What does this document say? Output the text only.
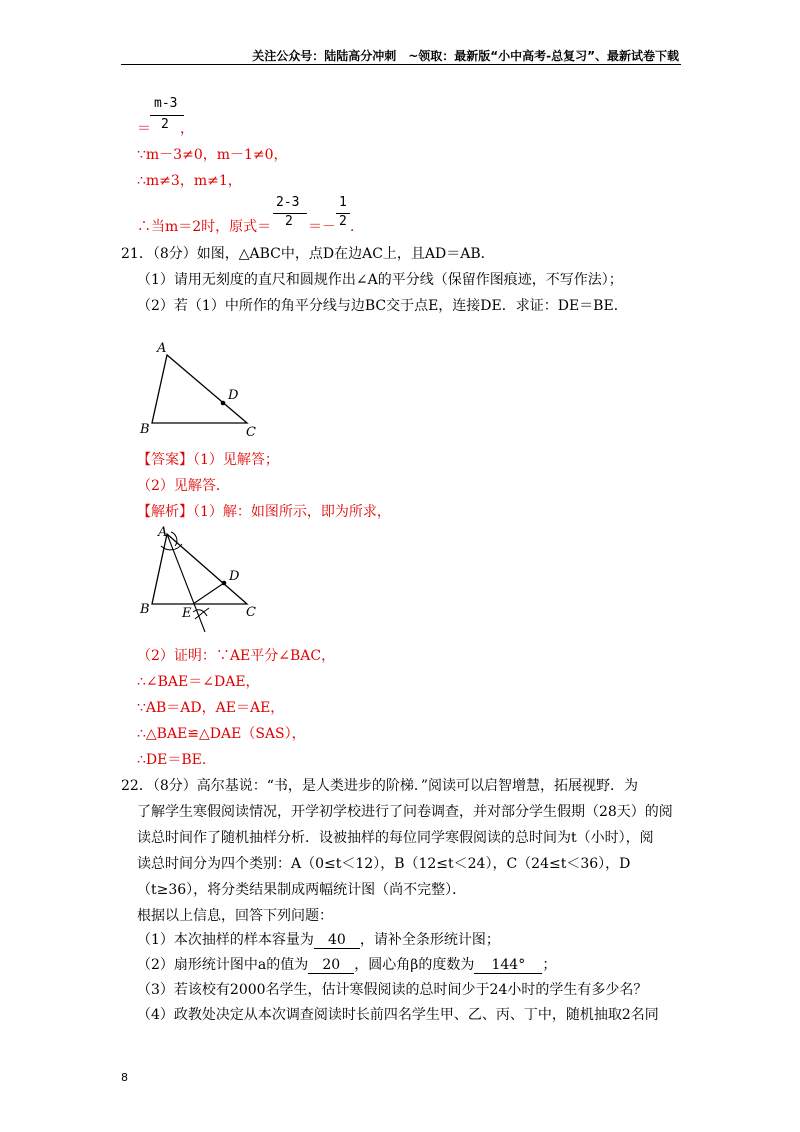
关注公众号：陆陆高分冲刺　~领取：最新版“小中高考-总复习”、最新试卷下载
m-3
＝ 2 ，
∵m－3≠0，m－1≠0，
∴m≠3，m≠1，
∴当m＝2时，原式＝
2-3
2 ＝－
1
2 ．
21．（8分）如图，△ABC中，点D在边AC上，且AD＝AB．
（1）请用无刻度的直尺和圆规作出∠A的平分线（保留作图痕迹，不写作法）；
（2）若（1）中所作的角平分线与边BC交于点E，连接DE．求证：DE＝BE．
A
B	C
D
【答案】（1）见解答；
（2）见解答．
【解析】（1）解：如图所示，即为所求，
A
B	C
D
E
（2）证明：∵AE平分∠BAC，
∴∠BAE＝∠DAE，
∵AB＝AD，AE＝AE，
∴△BAE≌△DAE（SAS），
∴DE＝BE．
22．（8分）高尔基说：“书，是人类进步的阶梯．”阅读可以启智增慧，拓展视野．为
了解学生寒假阅读情况，开学初学校进行了问卷调查，并对部分学生假期（28天）的阅
读总时间作了随机抽样分析．设被抽样的每位同学寒假阅读的总时间为t（小时），阅
读总时间分为四个类别：A（0≤t＜12），B（12≤t＜24），C（24≤t＜36），D
（t≥36），将分类结果制成两幅统计图（尚不完整）．
根据以上信息，回答下列问题：
（1）本次抽样的样本容量为 40 ，请补全条形统计图；
（2）扇形统计图中a的值为 20 ，圆心角β的度数为 144° ；
（3）若该校有2000名学生，估计寒假阅读的总时间少于24小时的学生有多少名？
（4）政教处决定从本次调查阅读时长前四名学生甲、乙、丙、丁中，随机抽取2名同
8
